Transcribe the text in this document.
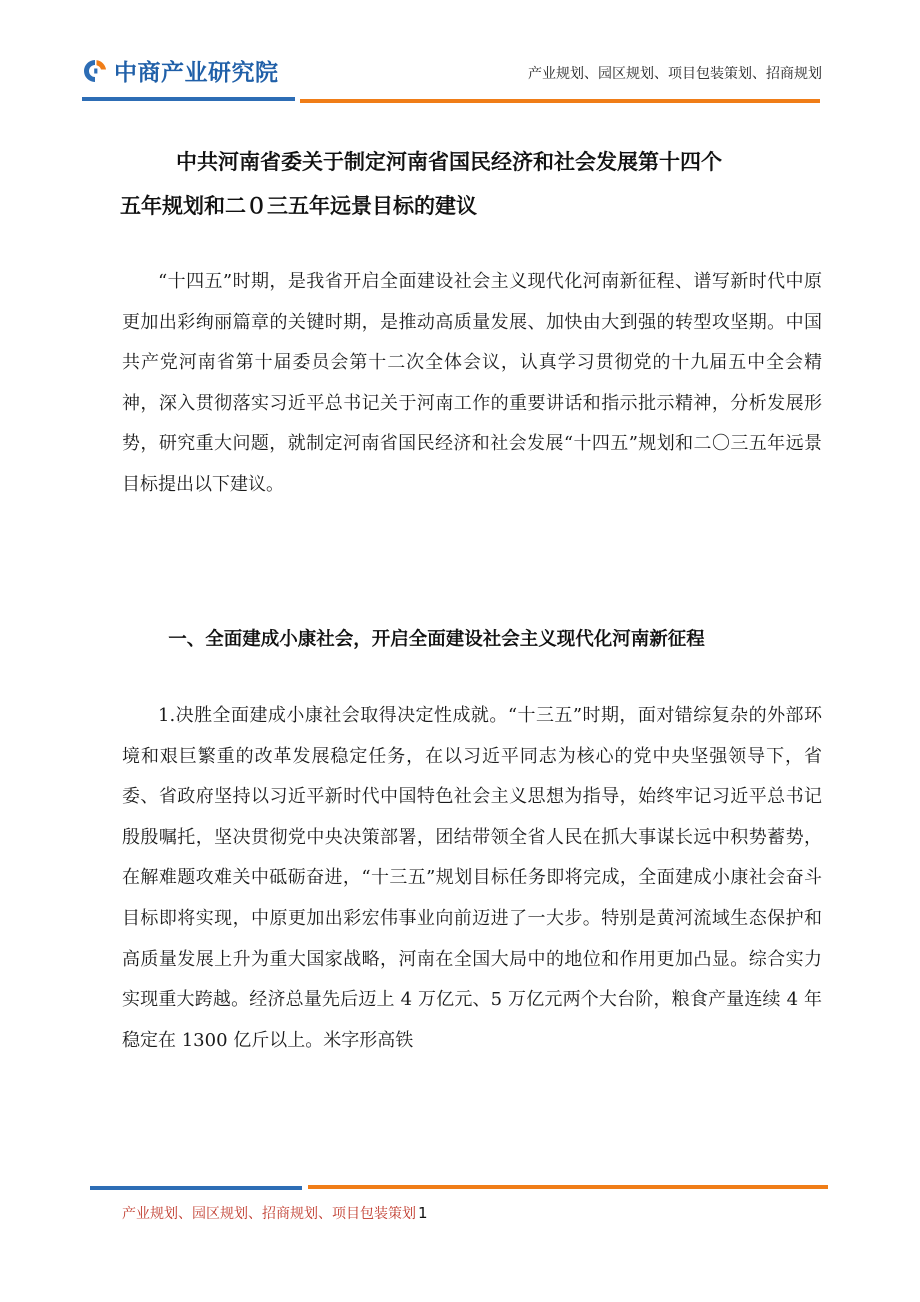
中商产业研究院	产业规划、园区规划、项目包装策划、招商规划
中共河南省委关于制定河南省国民经济和社会发展第十四个
五年规划和二０三五年远景目标的建议
“十四五”时期，是我省开启全面建设社会主义现代化河南新征程、谱写新时代中原更加出彩绚丽篇章的关键时期，是推动高质量发展、加快由大到强的转型攻坚期。中国共产党河南省第十届委员会第十二次全体会议，认真学习贯彻党的十九届五中全会精神，深入贯彻落实习近平总书记关于河南工作的重要讲话和指示批示精神，分析发展形势，研究重大问题，就制定河南省国民经济和社会发展“十四五”规划和二〇三五年远景目标提出以下建议。
一、全面建成小康社会，开启全面建设社会主义现代化河南新征程
1.决胜全面建成小康社会取得决定性成就。“十三五”时期，面对错综复杂的外部环境和艰巨繁重的改革发展稳定任务，在以习近平同志为核心的党中央坚强领导下，省委、省政府坚持以习近平新时代中国特色社会主义思想为指导，始终牢记习近平总书记殷殷嘱托，坚决贯彻党中央决策部署，团结带领全省人民在抓大事谋长远中积势蓄势，在解难题攻难关中砥砺奋进，“十三五”规划目标任务即将完成，全面建成小康社会奋斗目标即将实现，中原更加出彩宏伟事业向前迈进了一大步。特别是黄河流域生态保护和高质量发展上升为重大国家战略，河南在全国大局中的地位和作用更加凸显。综合实力实现重大跨越。经济总量先后迈上 4 万亿元、5 万亿元两个大台阶，粮食产量连续 4 年稳定在 1300 亿斤以上。米字形高铁
产业规划、园区规划、招商规划、项目包装策划 1
